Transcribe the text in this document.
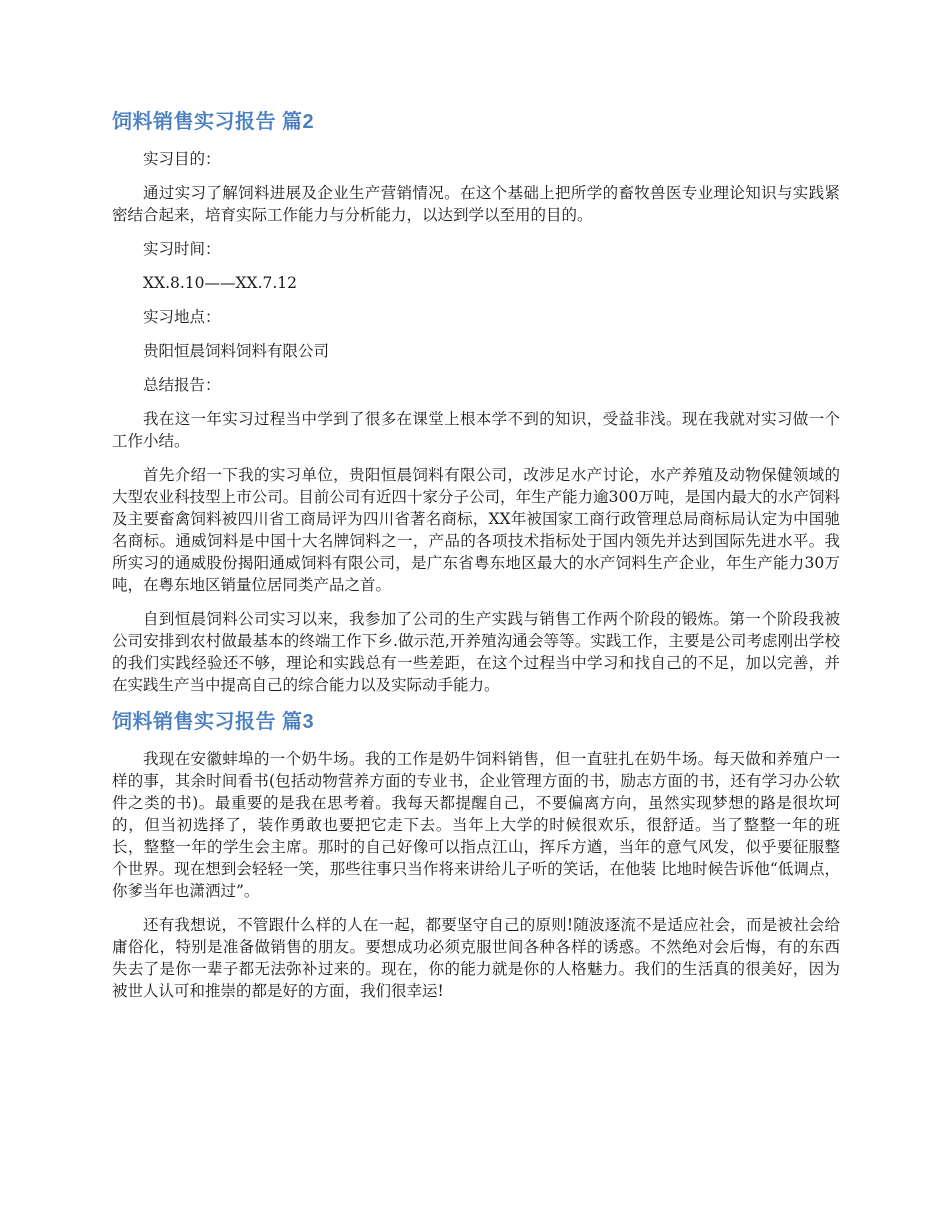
饲料销售实习报告 篇2

实习目的：

通过实习了解饲料进展及企业生产营销情况。在这个基础上把所学的畜牧兽医专业理论知识与实践紧密结合起来，培育实际工作能力与分析能力，以达到学以至用的目的。

实习时间：

XX.8.10——XX.7.12

实习地点：

贵阳恒晨饲料饲料有限公司

总结报告：

我在这一年实习过程当中学到了很多在课堂上根本学不到的知识，受益非浅。现在我就对实习做一个工作小结。

首先介绍一下我的实习单位，贵阳恒晨饲料有限公司，改涉足水产讨论，水产养殖及动物保健领域的大型农业科技型上市公司。目前公司有近四十家分子公司，年生产能力逾300万吨，是国内最大的水产饲料及主要畜禽饲料被四川省工商局评为四川省著名商标，XX年被国家工商行政管理总局商标局认定为中国驰名商标。通威饲料是中国十大名牌饲料之一，产品的各项技术指标处于国内领先并达到国际先进水平。我所实习的通威股份揭阳通威饲料有限公司，是广东省粤东地区最大的水产饲料生产企业，年生产能力30万吨，在粤东地区销量位居同类产品之首。

自到恒晨饲料公司实习以来，我参加了公司的生产实践与销售工作两个阶段的锻炼。第一个阶段我被公司安排到农村做最基本的终端工作下乡.做示范,开养殖沟通会等等。实践工作，主要是公司考虑刚出学校的我们实践经验还不够，理论和实践总有一些差距，在这个过程当中学习和找自己的不足，加以完善，并在实践生产当中提高自己的综合能力以及实际动手能力。

饲料销售实习报告 篇3

我现在安徽蚌埠的一个奶牛场。我的工作是奶牛饲料销售，但一直驻扎在奶牛场。每天做和养殖户一样的事，其余时间看书(包括动物营养方面的专业书，企业管理方面的书，励志方面的书，还有学习办公软件之类的书)。最重要的是我在思考着。我每天都提醒自己，不要偏离方向，虽然实现梦想的路是很坎坷的，但当初选择了，装作勇敢也要把它走下去。当年上大学的时候很欢乐，很舒适。当了整整一年的班长，整整一年的学生会主席。那时的自己好像可以指点江山，挥斥方遒，当年的意气风发，似乎要征服整个世界。现在想到会轻轻一笑，那些往事只当作将来讲给儿子听的笑话，在他装 比地时候告诉他“低调点，你爹当年也潇洒过”。

还有我想说，不管跟什么样的人在一起，都要坚守自己的原则!随波逐流不是适应社会，而是被社会给庸俗化，特别是准备做销售的朋友。要想成功必须克服世间各种各样的诱惑。不然绝对会后悔，有的东西失去了是你一辈子都无法弥补过来的。现在，你的能力就是你的人格魅力。我们的生活真的很美好，因为被世人认可和推崇的都是好的方面，我们很幸运!
